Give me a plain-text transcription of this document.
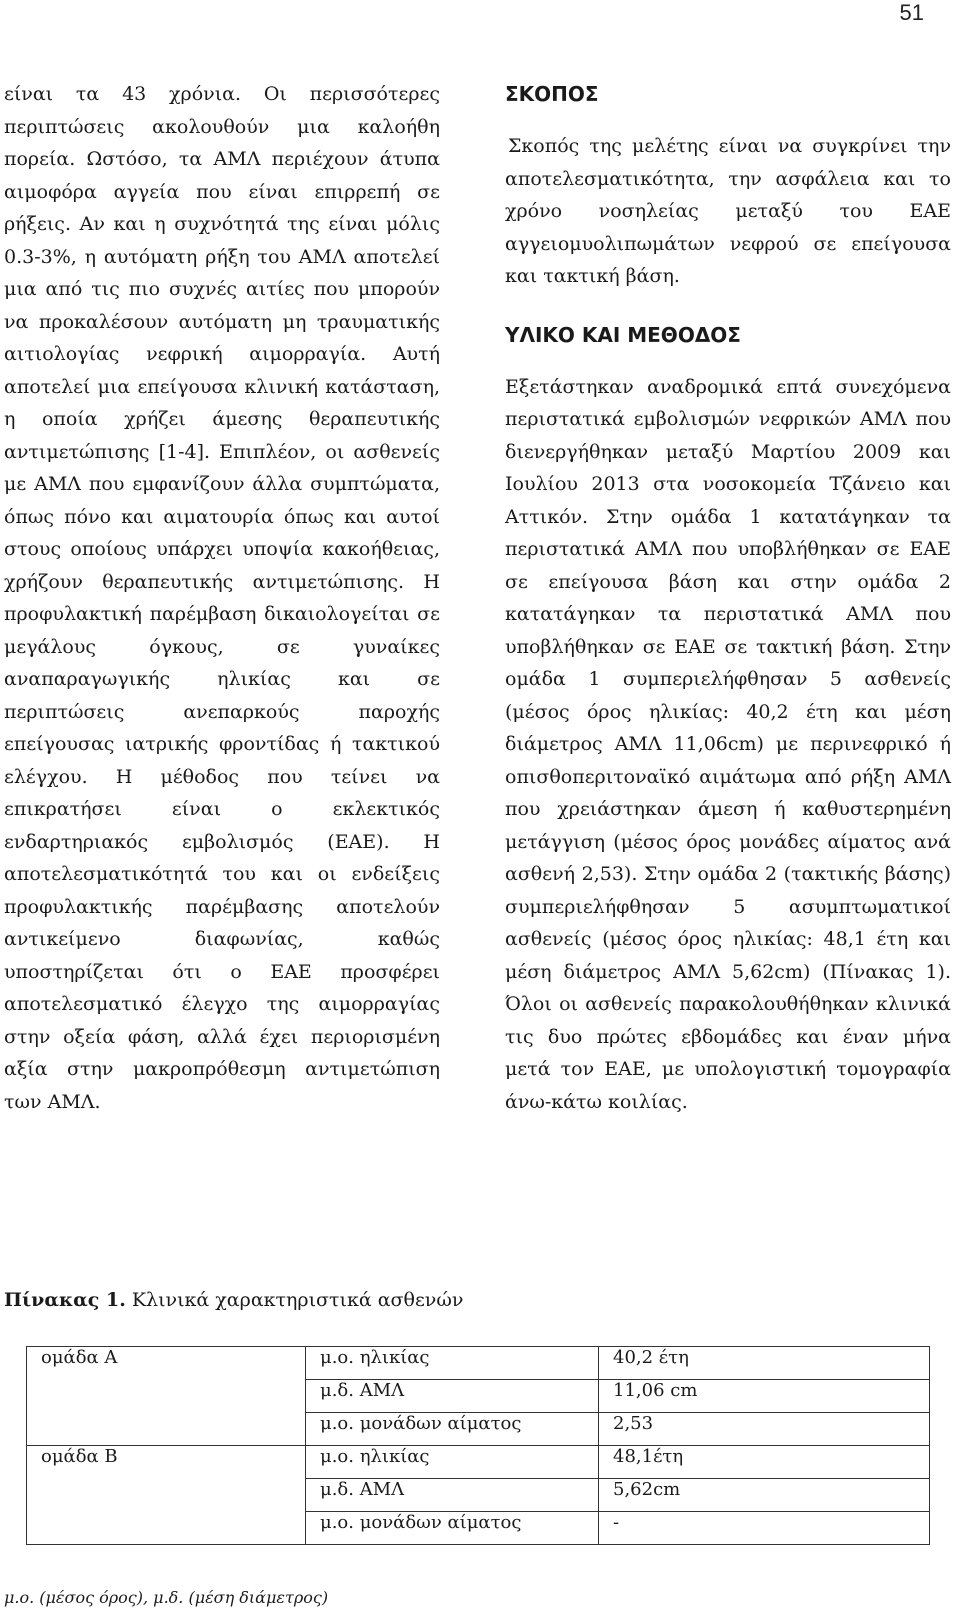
51

είναι τα 43 χρόνια. Οι περισσότερες περιπτώσεις ακολουθούν μια καλοήθη πορεία. Ωστόσο, τα ΑΜΛ περιέχουν άτυπα αιμοφόρα αγγεία που είναι επιρρεπή σε ρήξεις. Αν και η συχνότητά της είναι μόλις 0.3-3%, η αυτόματη ρήξη του ΑΜΛ αποτελεί μια από τις πιο συχνές αιτίες που μπορούν να προκαλέσουν αυτόματη μη τραυματικής αιτιολογίας νεφρική αιμορραγία. Αυτή αποτελεί μια επείγουσα κλινική κατάσταση, η οποία χρήζει άμεσης θεραπευτικής αντιμετώπισης [1-4]. Επιπλέον, οι ασθενείς με ΑΜΛ που εμφανίζουν άλλα συμπτώματα, όπως πόνο και αιματουρία όπως και αυτοί στους οποίους υπάρχει υποψία κακοήθειας, χρήζουν θεραπευτικής αντιμετώπισης. Η προφυλακτική παρέμβαση δικαιολογείται σε μεγάλους όγκους, σε γυναίκες αναπαραγωγικής ηλικίας και σε περιπτώσεις ανεπαρκούς παροχής επείγουσας ιατρικής φροντίδας ή τακτικού ελέγχου. Η μέθοδος που τείνει να επικρατήσει είναι ο εκλεκτικός ενδαρτηριακός εμβολισμός (ΕΑΕ). Η αποτελεσματικότητά του και οι ενδείξεις προφυλακτικής παρέμβασης αποτελούν αντικείμενο διαφωνίας, καθώς υποστηρίζεται ότι ο ΕΑΕ προσφέρει αποτελεσματικό έλεγχο της αιμορραγίας στην οξεία φάση, αλλά έχει περιορισμένη αξία στην μακροπρόθεσμη αντιμετώπιση των ΑΜΛ.

ΣΚΟΠΟΣ

Σκοπός της μελέτης είναι να συγκρίνει την αποτελεσματικότητα, την ασφάλεια και το χρόνο νοσηλείας μεταξύ του ΕΑΕ αγγειομυολιπωμάτων νεφρού σε επείγουσα και τακτική βάση.

ΥΛΙΚΟ ΚΑΙ ΜΕΘΟΔΟΣ

Εξετάστηκαν αναδρομικά επτά συνεχόμενα περιστατικά εμβολισμών νεφρικών ΑΜΛ που διενεργήθηκαν μεταξύ Μαρτίου 2009 και Ιουλίου 2013 στα νοσοκομεία Τζάνειο και Αττικόν. Στην ομάδα 1 κατατάγηκαν τα περιστατικά ΑΜΛ που υποβλήθηκαν σε ΕΑΕ σε επείγουσα βάση και στην ομάδα 2 κατατάγηκαν τα περιστατικά ΑΜΛ που υποβλήθηκαν σε ΕΑΕ σε τακτική βάση. Στην ομάδα 1 συμπεριελήφθησαν 5 ασθενείς (μέσος όρος ηλικίας: 40,2 έτη και μέση διάμετρος ΑΜΛ 11,06cm) με περινεφρικό ή οπισθοπεριτοναϊκό αιμάτωμα από ρήξη ΑΜΛ που χρειάστηκαν άμεση ή καθυστερημένη μετάγγιση (μέσος όρος μονάδες αίματος ανά ασθενή 2,53). Στην ομάδα 2 (τακτικής βάσης) συμπεριελήφθησαν 5 ασυμπτωματικοί ασθενείς (μέσος όρος ηλικίας: 48,1 έτη και μέση διάμετρος ΑΜΛ 5,62cm) (Πίνακας 1). Όλοι οι ασθενείς παρακολουθήθηκαν κλινικά τις δυο πρώτες εβδομάδες και έναν μήνα μετά τον ΕΑΕ, με υπολογιστική τομογραφία άνω-κάτω κοιλίας.

Πίνακας 1. Κλινικά χαρακτηριστικά ασθενών
ομάδα Α	μ.ο. ηλικίας	40,2 έτη
	μ.δ. ΑΜΛ	11,06 cm
	μ.ο. μονάδων αίματος	2,53
ομάδα Β	μ.ο. ηλικίας	48,1έτη
	μ.δ. ΑΜΛ	5,62cm
	μ.ο. μονάδων αίματος	-
μ.ο. (μέσος όρος), μ.δ. (μέση διάμετρος)
